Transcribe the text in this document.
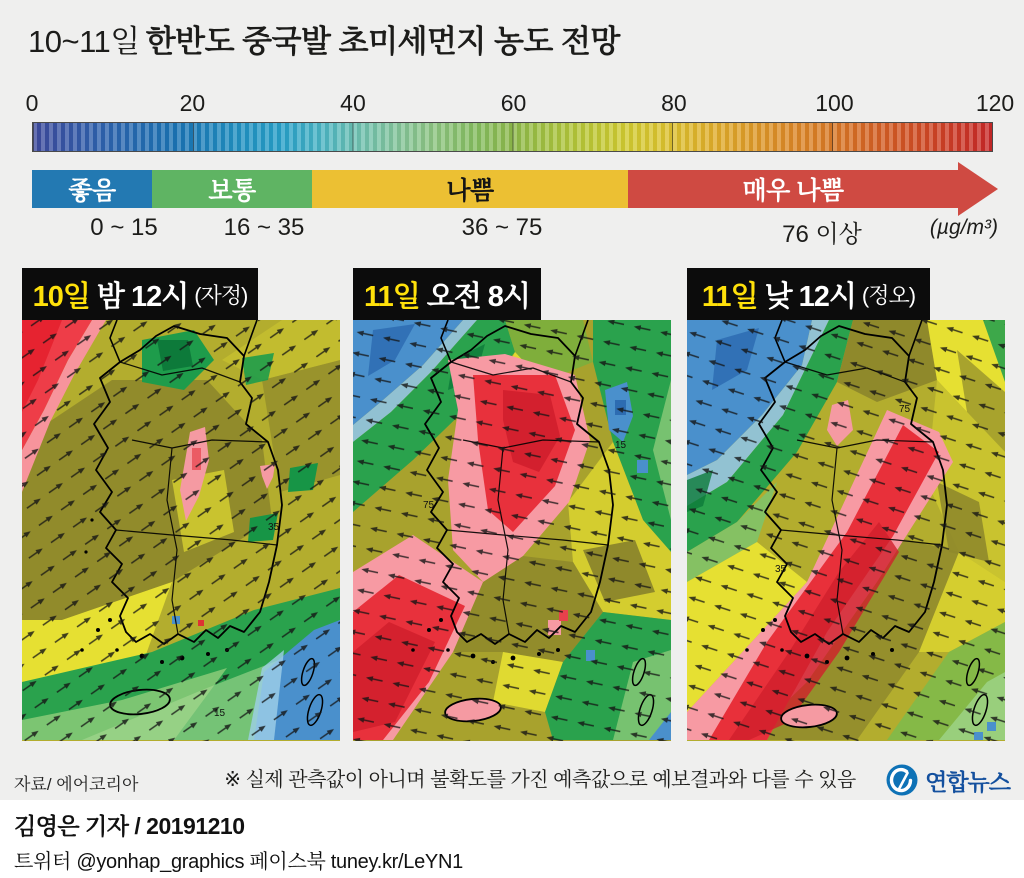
10~11일 한반도 중국발 초미세먼지 농도 전망
0	20	40	60	80	100	120
좋음	보통	나쁨	매우 나쁨
0 ~ 15	16 ~ 35	36 ~ 75	76 이상	(µg/m³)
10일 밤 12시 (자정)	11일 오전 8시	11일 낮 12시 (정오)
35
15
75
15
75
35
자료/ 에어코리아	※ 실제 관측값이 아니며 불확도를 가진 예측값으로 예보결과와 다를 수 있음	연합뉴스
김영은 기자 / 20191210
트위터 @yonhap_graphics 페이스북 tuney.kr/LeYN1
